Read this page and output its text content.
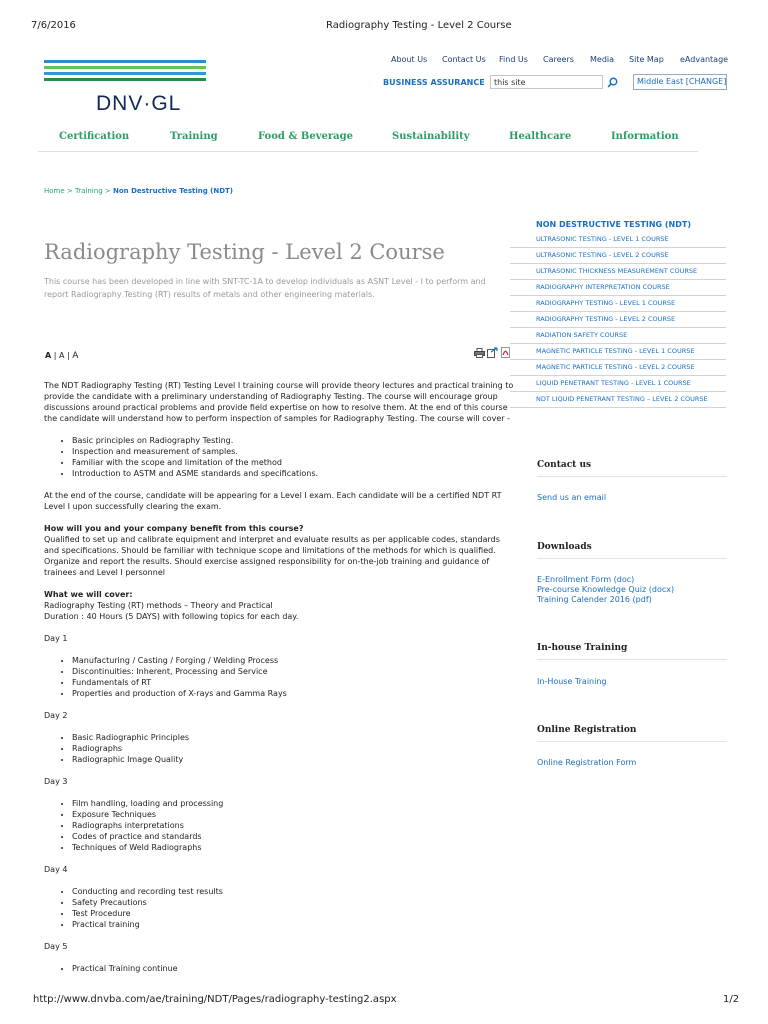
7/6/2016	Radiography Testing - Level 2 Course
http://www.dnvba.com/ae/training/NDT/Pages/radiography-testing2.aspx	1/2
DNV·GL
About Us Contact Us Find Us Careers Media Site Map eAdvantage
BUSINESS ASSURANCE
this site	Middle East [CHANGE]
Certification	Training	Food & Beverage	Sustainability	Healthcare	Information
Home > Training > Non Destructive Testing (NDT)
Radiography Testing - Level 2 Course
This course has been developed in line with SNT-TC-1A to develop individuals as ASNT Level - I to perform and report Radiography Testing (RT) results of metals and other engineering materials.
A | A | A

The NDT Radiography Testing (RT) Testing Level I training course will provide theory lectures and practical training to provide the candidate with a preliminary understanding of Radiography Testing. The course will encourage group discussions around practical problems and provide field expertise on how to resolve them. At the end of this course the candidate will understand how to perform inspection of samples for Radiography Testing. The course will cover -

• Basic principles on Radiography Testing.
• Inspection and measurement of samples.
• Familiar with the scope and limitation of the method
• Introduction to ASTM and ASME standards and specifications.

At the end of the course, candidate will be appearing for a Level I exam. Each candidate will be a certified NDT RT Level I upon successfully clearing the exam.

How will you and your company benefit from this course?

Qualified to set up and calibrate equipment and interpret and evaluate results as per applicable codes, standards and specifications. Should be familiar with technique scope and limitations of the methods for which is qualified. Organize and report the results. Should exercise assigned responsibility for on-the-job training and guidance of trainees and Level I personnel

What we will cover:
Radiography Testing (RT) methods – Theory and Practical

Duration : 40 Hours (5 DAYS) with following topics for each day.

Day 1

• Manufacturing / Casting / Forging / Welding Process
• Discontinuities: Inherent, Processing and Service
• Fundamentals of RT
• Properties and production of X-rays and Gamma Rays

Day 2

• Basic Radiographic Principles
• Radiographs
• Radiographic Image Quality

Day 3

• Film handling, loading and processing
• Exposure Techniques
• Radiographs interpretations
• Codes of practice and standards
• Techniques of Weld Radiographs

Day 4

• Conducting and recording test results
• Safety Precautions
• Test Procedure
• Practical training

Day 5

• Practical Training continue
NON DESTRUCTIVE TESTING (NDT)
ULTRASONIC TESTING - LEVEL 1 COURSE
ULTRASONIC TESTING - LEVEL 2 COURSE
ULTRASONIC THICKNESS MEASUREMENT COURSE
RADIOGRAPHY INTERPRETATION COURSE
RADIOGRAPHY TESTING - LEVEL 1 COURSE
RADIOGRAPHY TESTING - LEVEL 2 COURSE
RADIATION SAFETY COURSE
MAGNETIC PARTICLE TESTING - LEVEL 1 COURSE
MAGNETIC PARTICLE TESTING - LEVEL 2 COURSE
LIQUID PENETRANT TESTING - LEVEL 1 COURSE
NDT LIQUID PENETRANT TESTING – LEVEL 2 COURSE
Contact us
Send us an email
Downloads
E-Enrollment Form (doc)
Pre-course Knowledge Quiz (docx)
Training Calender 2016 (pdf)
In-house Training
In-House Training
Online Registration
Online Registration Form
